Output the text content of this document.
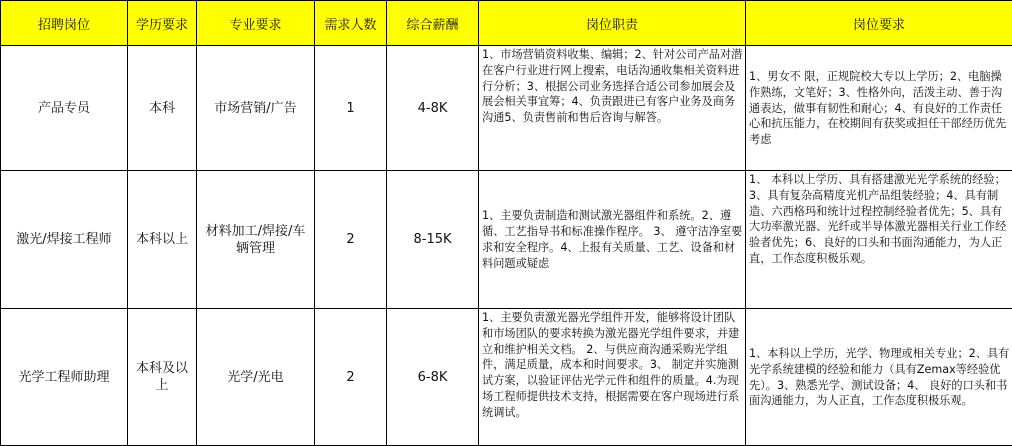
招聘岗位	学历要求	专业要求	需求人数	综合薪酬	岗位职责	岗位要求
产品专员	本科	市场营销/广告	1	4-8K	1、市场营销资料收集、编辑；2、针对公司产品对潜在客户行业进行网上搜索，电话沟通收集相关资料进行分析；3、根据公司业务选择合适公司参加展会及展会相关事宜筹；4、负责跟进已有客户业务及商务沟通5、负责售前和售后咨询与解答。	1、男女不 限，正规院校大专以上学历；2、电脑操作熟练，文笔好；3、性格外向，活泼主动、善于沟通表达，做事有韧性和耐心；4、有良好的工作责任心和抗压能力，在校期间有获奖或担任干部经历优先考虑
激光/焊接工程师	本科以上	材料加工/焊接/车辆管理	2	8-15K	1、主要负责制造和测试激光器组件和系统。2、遵循、工艺指导书和标准操作程序。 3、 遵守洁净室要求和安全程序。4、上报有关质量、工艺、设备和材料问题或疑虑	1、 本科以上学历、具有搭建激光光学系统的经验；3、具有复杂高精度光机产品组装经验；4、具有制造、六西格玛和统计过程控制经验者优先；5、具有大功率激光器、光纤或半导体激光器相关行业工作经验者优先；6、良好的口头和书面沟通能力，为人正直，工作态度积极乐观。
光学工程师助理	本科及以上	光学/光电	2	6-8K	1、主要负责激光器光学组件开发，能够将设计团队和市场团队的要求转换为激光器光学组件要求，并建立和维护相关文档。 2、与供应商沟通采购光学组件，满足质量，成本和时间要求。3、 制定并实施测试方案，以验证评估光学元件和组件的质量。4.为现场工程师提供技术支持，根据需要在客户现场进行系统调试。	1、本科以上学历，光学、物理或相关专业；2、具有光学系统建模的经验和能力（具有Zemax等经验优先）。3、熟悉光学、测试设备；4、 良好的口头和书面沟通能力，为人正直，工作态度积极乐观。
